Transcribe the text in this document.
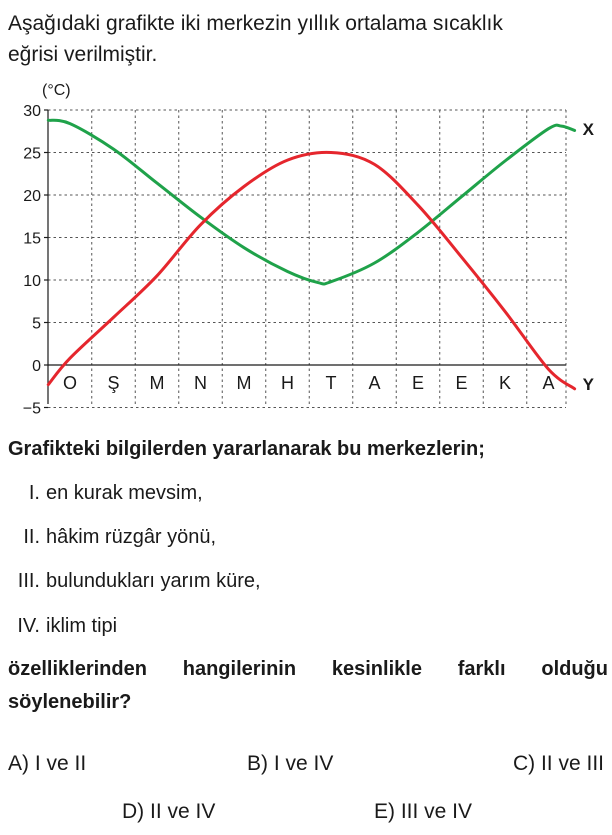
Aşağıdaki grafikte iki merkezin yıllık ortalama sıcaklık
eğrisi verilmiştir.
30
25
20
15
10
5
0
−5
(°C)
O Ş M N M H T A E E K A
X
Y
Grafikteki bilgilerden yararlanarak bu merkezlerin;
I. en kurak mevsim,
II. hâkim rüzgâr yönü,
III. bulundukları yarım küre,
IV. iklim tipi
özelliklerinden hangilerinin kesinlikle farklı olduğu
söylenebilir?
A) I ve II	B) I ve IV	C) II ve III
D) II ve IV	E) III ve IV
